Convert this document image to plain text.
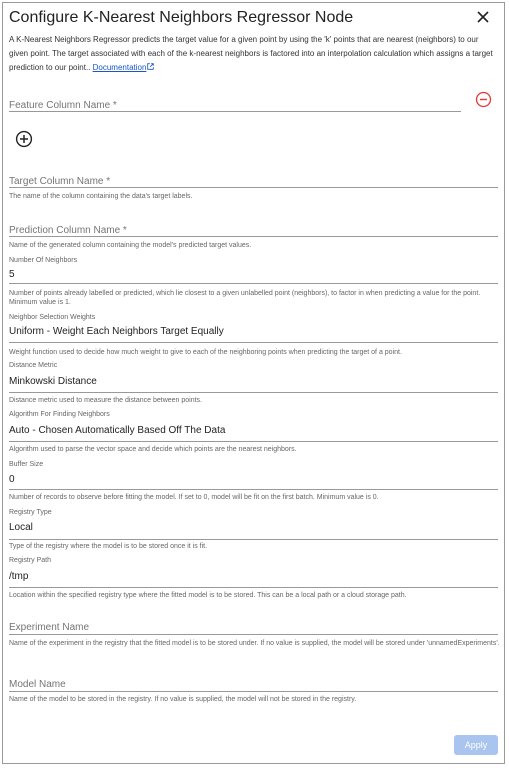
Configure K-Nearest Neighbors Regressor Node
A K-Nearest Neighbors Regressor predicts the target value for a given point by using the 'k' points that are nearest (neighbors) to our given point. The target associated with each of the k-nearest neighbors is factored into an interpolation calculation which assigns a target prediction to our point.. Documentation
Feature Column Name *
Target Column Name *
The name of the column containing the data's target labels.
Prediction Column Name *
Name of the generated column containing the model's predicted target values.
Number Of Neighbors
5
Number of points already labelled or predicted, which lie closest to a given unlabelled point (neighbors), to factor in when predicting a value for the point. Minimum value is 1.
Neighbor Selection Weights
Uniform - Weight Each Neighbors Target Equally
Weight function used to decide how much weight to give to each of the neighboring points when predicting the target of a point.
Distance Metric
Minkowski Distance
Distance metric used to measure the distance between points.
Algorithm For Finding Neighbors
Auto - Chosen Automatically Based Off The Data
Algorithm used to parse the vector space and decide which points are the nearest neighbors.
Buffer Size
0
Number of records to observe before fitting the model. If set to 0, model will be fit on the first batch. Minimum value is 0.
Registry Type
Local
Type of the registry where the model is to be stored once it is fit.
Registry Path
/tmp
Location within the specified registry type where the fitted model is to be stored. This can be a local path or a cloud storage path.
Experiment Name
Name of the experiment in the registry that the fitted model is to be stored under. If no value is supplied, the model will be stored under 'unnamedExperiments'.
Model Name
Name of the model to be stored in the registry. If no value is supplied, the model will not be stored in the registry.
Apply
